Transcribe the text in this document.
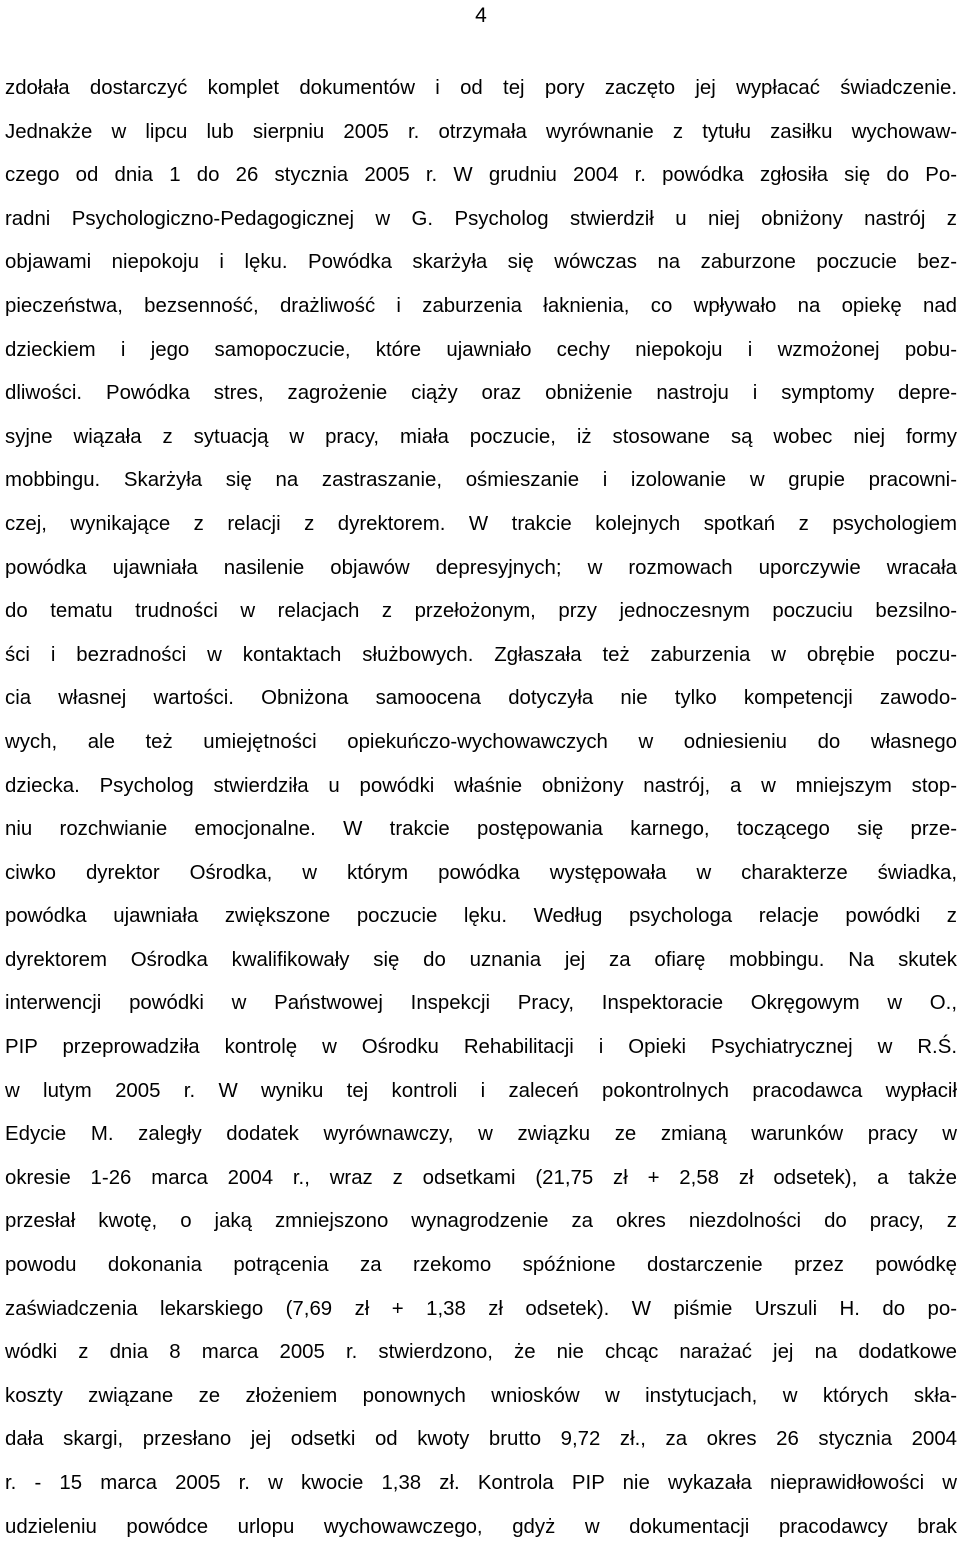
4
zdołała dostarczyć komplet dokumentów i od tej pory zaczęto jej wypłacać świadczenie.
Jednakże w lipcu lub sierpniu 2005 r. otrzymała wyrównanie z tytułu zasiłku wychowaw-
czego od dnia 1 do 26 stycznia 2005 r. W grudniu 2004 r. powódka zgłosiła się do Po-
radni Psychologiczno-Pedagogicznej w G. Psycholog stwierdził u niej obniżony nastrój z
objawami niepokoju i lęku. Powódka skarżyła się wówczas na zaburzone poczucie bez-
pieczeństwa, bezsenność, drażliwość i zaburzenia łaknienia, co wpływało na opiekę nad
dzieckiem i jego samopoczucie, które ujawniało cechy niepokoju i wzmożonej pobu-
dliwości. Powódka stres, zagrożenie ciąży oraz obniżenie nastroju i symptomy depre-
syjne wiązała z sytuacją w pracy, miała poczucie, iż stosowane są wobec niej formy
mobbingu. Skarżyła się na zastraszanie, ośmieszanie i izolowanie w grupie pracowni-
czej, wynikające z relacji z dyrektorem. W trakcie kolejnych spotkań z psychologiem
powódka ujawniała nasilenie objawów depresyjnych; w rozmowach uporczywie wracała
do tematu trudności w relacjach z przełożonym, przy jednoczesnym poczuciu bezsilno-
ści i bezradności w kontaktach służbowych. Zgłaszała też zaburzenia w obrębie poczu-
cia własnej wartości. Obniżona samoocena dotyczyła nie tylko kompetencji zawodo-
wych, ale też umiejętności opiekuńczo-wychowawczych w odniesieniu do własnego
dziecka. Psycholog stwierdziła u powódki właśnie obniżony nastrój, a w mniejszym stop-
niu rozchwianie emocjonalne. W trakcie postępowania karnego, toczącego się prze-
ciwko dyrektor Ośrodka, w którym powódka występowała w charakterze świadka,
powódka ujawniała zwiększone poczucie lęku. Według psychologa relacje powódki z
dyrektorem Ośrodka kwalifikowały się do uznania jej za ofiarę mobbingu. Na skutek
interwencji powódki w Państwowej Inspekcji Pracy, Inspektoracie Okręgowym w O.,
PIP przeprowadziła kontrolę w Ośrodku Rehabilitacji i Opieki Psychiatrycznej w R.Ś.
w lutym 2005 r. W wyniku tej kontroli i zaleceń pokontrolnych pracodawca wypłacił
Edycie M. zaległy dodatek wyrównawczy, w związku ze zmianą warunków pracy w
okresie 1-26 marca 2004 r., wraz z odsetkami (21,75 zł + 2,58 zł odsetek), a także
przesłał kwotę, o jaką zmniejszono wynagrodzenie za okres niezdolności do pracy, z
powodu dokonania potrącenia za rzekomo spóźnione dostarczenie przez powódkę
zaświadczenia lekarskiego (7,69 zł + 1,38 zł odsetek). W piśmie Urszuli H. do po-
wódki z dnia 8 marca 2005 r. stwierdzono, że nie chcąc narażać jej na dodatkowe
koszty związane ze złożeniem ponownych wniosków w instytucjach, w których skła-
dała skargi, przesłano jej odsetki od kwoty brutto 9,72 zł., za okres 26 stycznia 2004
r. - 15 marca 2005 r. w kwocie 1,38 zł. Kontrola PIP nie wykazała nieprawidłowości w
udzieleniu powódce urlopu wychowawczego, gdyż w dokumentacji pracodawcy brak
